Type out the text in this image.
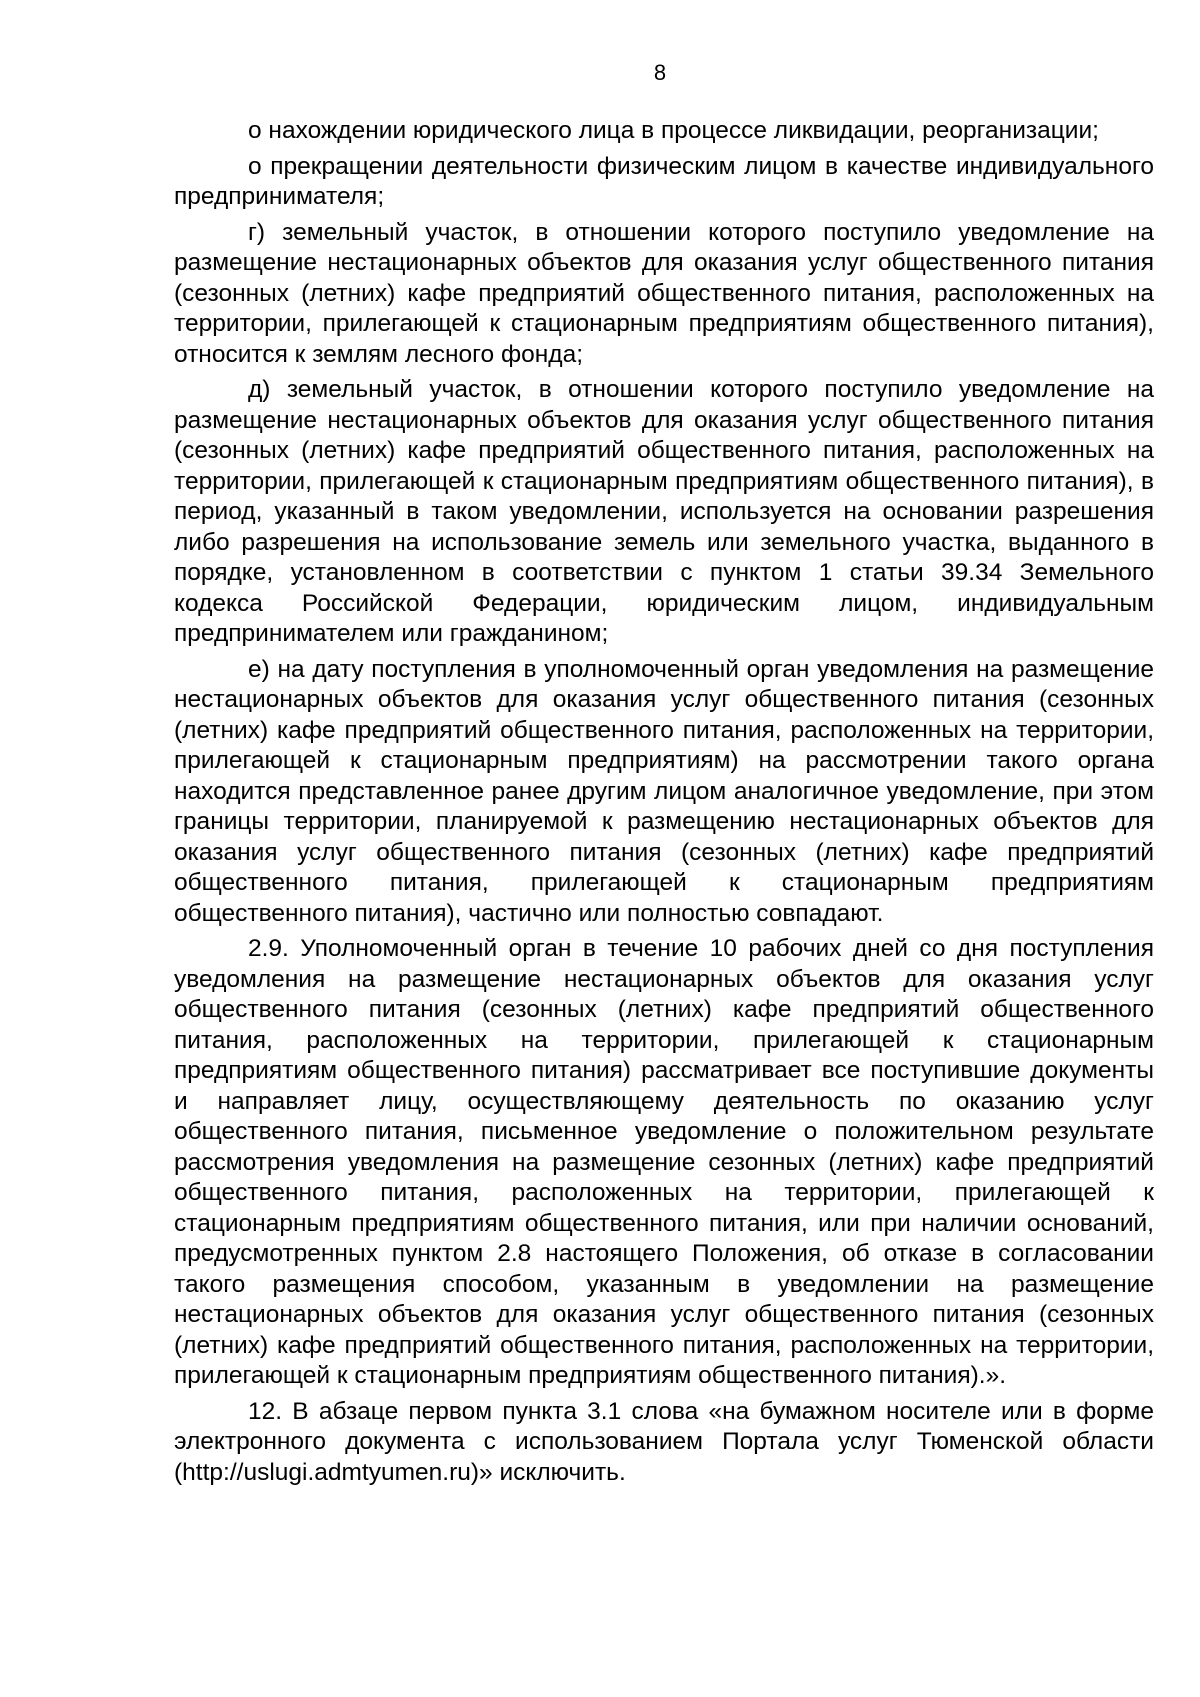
8

о нахождении юридического лица в процессе ликвидации, реорганизации;

о прекращении деятельности физическим лицом в качестве индивидуального предпринимателя;

г) земельный участок, в отношении которого поступило уведомление на размещение нестационарных объектов для оказания услуг общественного питания (сезонных (летних) кафе предприятий общественного питания, расположенных на территории, прилегающей к стационарным предприятиям общественного питания), относится к землям лесного фонда;

д) земельный участок, в отношении которого поступило уведомление на размещение нестационарных объектов для оказания услуг общественного питания (сезонных (летних) кафе предприятий общественного питания, расположенных на территории, прилегающей к стационарным предприятиям общественного питания), в период, указанный в таком уведомлении, используется на основании разрешения либо разрешения на использование земель или земельного участка, выданного в порядке, установленном в соответствии с пунктом 1 статьи 39.34 Земельного кодекса Российской Федерации, юридическим лицом, индивидуальным предпринимателем или гражданином;

е) на дату поступления в уполномоченный орган уведомления на размещение нестационарных объектов для оказания услуг общественного питания (сезонных (летних) кафе предприятий общественного питания, расположенных на территории, прилегающей к стационарным предприятиям) на рассмотрении такого органа находится представленное ранее другим лицом аналогичное уведомление, при этом границы территории, планируемой к размещению нестационарных объектов для оказания услуг общественного питания (сезонных (летних) кафе предприятий общественного питания, прилегающей к стационарным предприятиям общественного питания), частично или полностью совпадают.

2.9. Уполномоченный орган в течение 10 рабочих дней со дня поступления уведомления на размещение нестационарных объектов для оказания услуг общественного питания (сезонных (летних) кафе предприятий общественного питания, расположенных на территории, прилегающей к стационарным предприятиям общественного питания) рассматривает все поступившие документы и направляет лицу, осуществляющему деятельность по оказанию услуг общественного питания, письменное уведомление о положительном результате рассмотрения уведомления на размещение сезонных (летних) кафе предприятий общественного питания, расположенных на территории, прилегающей к стационарным предприятиям общественного питания, или при наличии оснований, предусмотренных пунктом 2.8 настоящего Положения, об отказе в согласовании такого размещения способом, указанным в уведомлении на размещение нестационарных объектов для оказания услуг общественного питания (сезонных (летних) кафе предприятий общественного питания, расположенных на территории, прилегающей к стационарным предприятиям общественного питания).».

12. В абзаце первом пункта 3.1 слова «на бумажном носителе или в форме электронного документа с использованием Портала услуг Тюменской области (http://uslugi.admtyumen.ru)» исключить.
